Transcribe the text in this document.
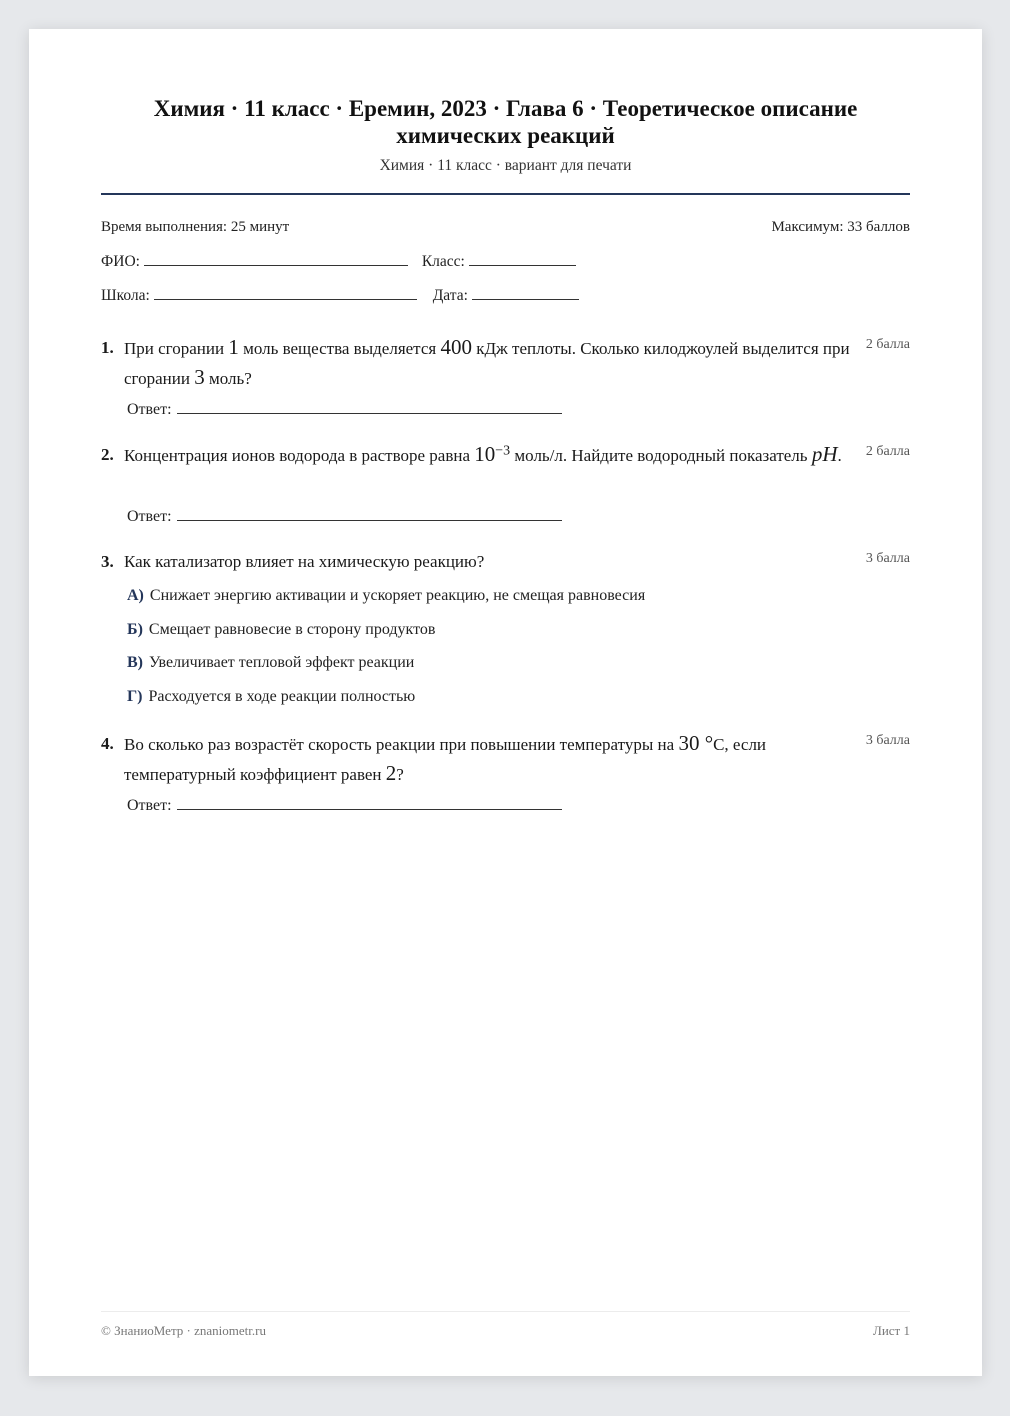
Химия · 11 класс · Еремин, 2023 · Глава 6 · Теоретическое описание химических реакций
Химия · 11 класс · вариант для печати
Время выполнения: 25 минут	Максимум: 33 баллов
ФИО:	Класс:
Школа:	Дата:
1. При сгорании 1 моль вещества выделяется 400 кДж теплоты. Сколько килоджоулей выделится при сгорании 3 моль?
2 балла
Ответ:
2. Концентрация ионов водорода в растворе равна $10^{-3}$ моль/л. Найдите водородный показатель pH.	2 балла
Ответ:
3. Как катализатор влияет на химическую реакцию?	3 балла
А) Снижает энергию активации и ускоряет реакцию, не смещая равновесия
Б) Смещает равновесие в сторону продуктов
В) Увеличивает тепловой эффект реакции
Г) Расходуется в ходе реакции полностью
4. Во сколько раз возрастёт скорость реакции при повышении температуры на 30 °C, если температурный коэффициент равен 2?
3 балла
Ответ:
© ЗнаниоМетр · znaniometr.ru	Лист 1
